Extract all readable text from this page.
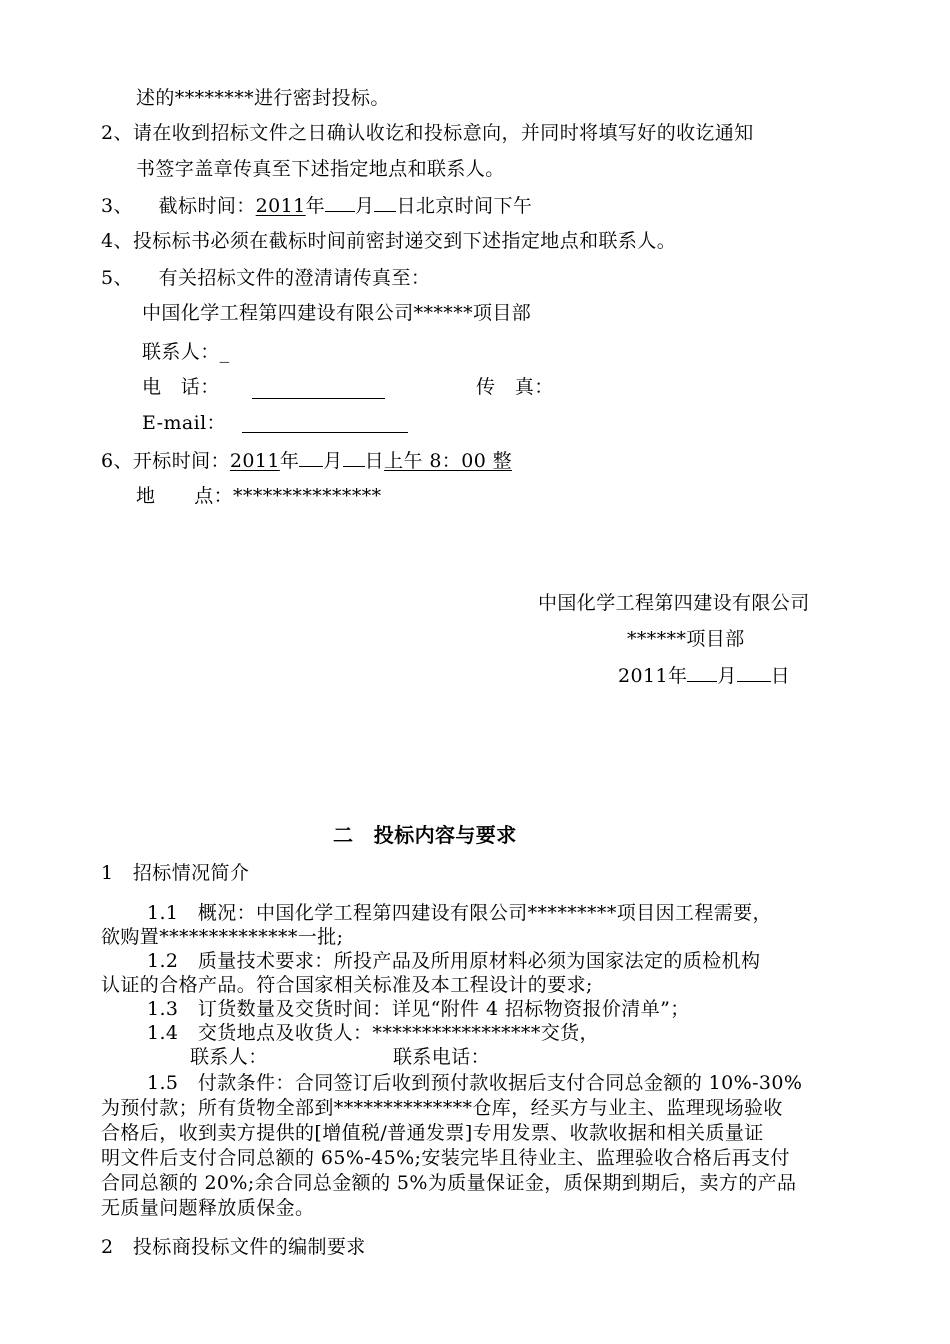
述的********进行密封投标。
2、请在收到招标文件之日确认收讫和投标意向，并同时将填写好的收讫通知
书签字盖章传真至下述指定地点和联系人。
3、 截标时间：2011年 月 日北京时间下午
4、投标标书必须在截标时间前密封递交到下述指定地点和联系人。
5、 有关招标文件的澄清请传真至：
中国化学工程第四建设有限公司******项目部
联系人：_
电　话：	传　真：
E-mail：
6、开标时间：2011年 月 日上午 8：00 整
地　　点：***************
中国化学工程第四建设有限公司
******项目部
2011年 月 日
二　投标内容与要求
1　招标情况简介
1.1　概况：中国化学工程第四建设有限公司*********项目因工程需要，
欲购置**************一批;
1.2　质量技术要求：所投产品及所用原材料必须为国家法定的质检机构
认证的合格产品。符合国家相关标准及本工程设计的要求;
1.3　订货数量及交货时间：详见“附件 4 招标物资报价清单”；
1.4　交货地点及收货人：*****************交货，
联系人：	联系电话：
1.5　付款条件：合同签订后收到预付款收据后支付合同总金额的 10%-30%
为预付款；所有货物全部到**************仓库，经买方与业主、监理现场验收
合格后，收到卖方提供的[增值税/普通发票]专用发票、收款收据和相关质量证
明文件后支付合同总额的 65%-45%;安装完毕且待业主、监理验收合格后再支付
合同总额的 20%;余合同总金额的 5%为质量保证金，质保期到期后，卖方的产品
无质量问题释放质保金。
2　投标商投标文件的编制要求
